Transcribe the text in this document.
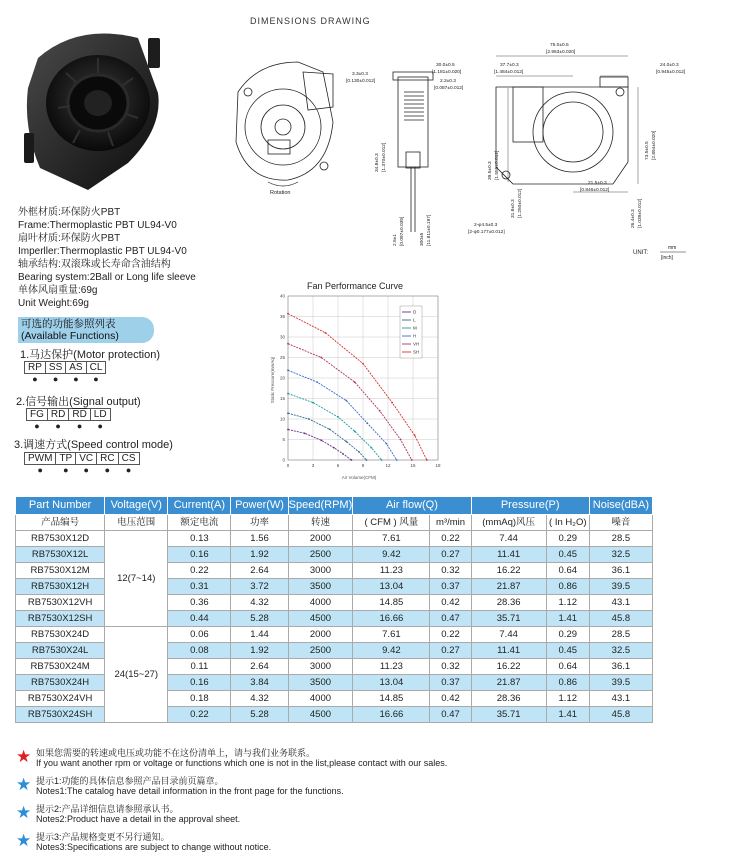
DIMENSIONS DRAWING
Rotation
3.3±0.3
[0.130±0.012]
30.0±0.5
[1.181±0.020]
2.2±0.3
[0.087±0.012]
34.8±0.3 [1.370±0.012]
2.5±1 [0.097±0.039]	300±5 [11.811±0.197]
75.0±0.5
[2.953±0.020]
37.7±0.3
[1.484±0.012]
24.0±0.3
[0.945±0.012]
39.5±0.3 [1.555±0.012]
31.8±0.3 [1.250±0.012]
21.5±0.3
[0.846±0.012]
26.4±0.3 [1.039±0.012]
73.5±0.5 [2.894±0.020]
2-φ4.5±0.3
[2-φ0.177±0.012]
UNIT:
mm
[inch]
外框材质:环保防火PBT
Frame:Thermoplastic PBT UL94-V0
扇叶材质:环保防火PBT
Imperller:Thermoplastic PBT UL94-V0
轴承结构:双滚珠或长寿命含油结构
Bearing system:2Ball or Long life sleeve
单体风扇重量:69g
Unit Weight:69g
可选的功能参照列表
(Available Functions)
1.马达保护(Motor protection)
RP	SS	AS	CL
●	●	●	●
2.信号输出(Signal output)
FG	RD	$\overline{RD}$	LD
●	●	●	●
3.调速方式(Speed control mode)
PWM	TP	VC	RC	CS
●	●	●	●	●
Fan Performance Curve
0	3	6	9	12	15	18
0
5
10
15
20
25
30
35
40
D
L
M
H
VH
SH
Air Volume(CFM)
Static Pressure(mmAq)
Part Number	Voltage(V)	Current(A)	Power(W)	Speed(RPM)	Air flow(Q)		Pressure(P)		Noise(dBA)
产品编号	电压范围	额定电流	功率	转速	( CFM ) 风量	m³/min	(mmAq)风压	( In H₂O)	噪音
RB7530X12D	12(7~14)	0.13	1.56	2000	7.61	0.22	7.44	0.29	28.5
RB7530X12L		0.16	1.92	2500	9.42	0.27	11.41	0.45	32.5
RB7530X12M		0.22	2.64	3000	11.23	0.32	16.22	0.64	36.1
RB7530X12H		0.31	3.72	3500	13.04	0.37	21.87	0.86	39.5
RB7530X12VH		0.36	4.32	4000	14.85	0.42	28.36	1.12	43.1
RB7530X12SH		0.44	5.28	4500	16.66	0.47	35.71	1.41	45.8
RB7530X24D	24(15~27)	0.06	1.44	2000	7.61	0.22	7.44	0.29	28.5
RB7530X24L		0.08	1.92	2500	9.42	0.27	11.41	0.45	32.5
RB7530X24M		0.11	2.64	3000	11.23	0.32	16.22	0.64	36.1
RB7530X24H		0.16	3.84	3500	13.04	0.37	21.87	0.86	39.5
RB7530X24VH		0.18	4.32	4000	14.85	0.42	28.36	1.12	43.1
RB7530X24SH		0.22	5.28	4500	16.66	0.47	35.71	1.41	45.8
★ 如果您需要的转速或电压或功能不在这份清单上，请与我们业务联系。
If you want another rpm or voltage or functions which one is not in the list,please contact with our sales.
★ 提示1:功能的具体信息参照产品目录前页篇章。
Notes1:The catalog have detail information in the front page for the functions.
★ 提示2:产品详细信息请参照承认书。
Notes2:Product have a detail in the approval sheet.
★ 提示3:产品规格变更不另行通知。
Notes3:Specifications are subject to change without notice.
